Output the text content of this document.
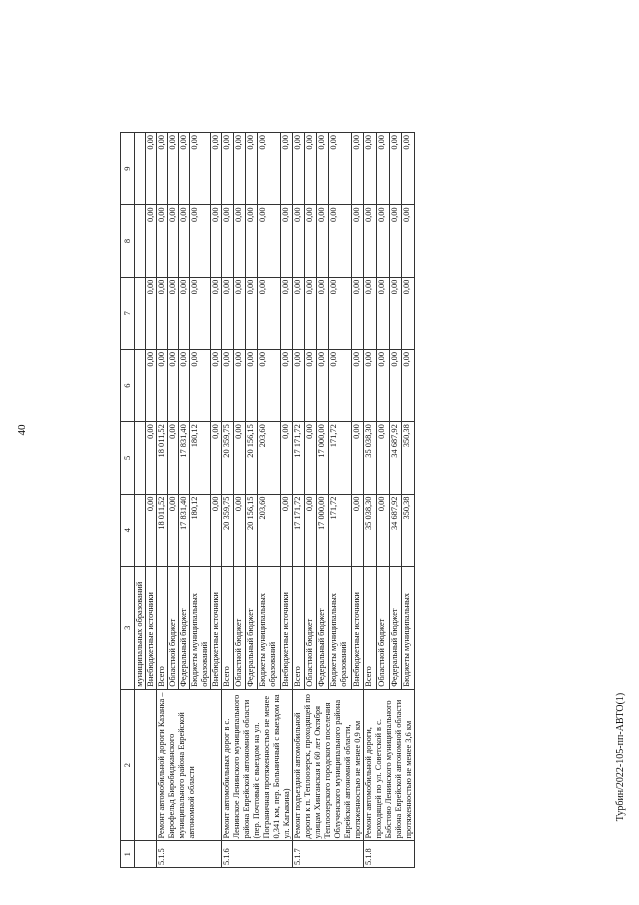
40
1	2	3	4	5	6	7	8	9
		муниципальных образований						
		Внебюджетные источники	0,00	0,00	0,00	0,00	0,00	0,00
5.1.5	Ремонт автомобильной дороги Казанка – Бирофельд Биробиджанского муниципального района Еврейской автономной области	Всего	18 011,52	18 011,52	0,00	0,00	0,00	0,00
		Областной бюджет	0,00	0,00	0,00	0,00	0,00	0,00
		Федеральный бюджет	17 831,40	17 831,40	0,00	0,00	0,00	0,00
		Бюджеты муниципальных образований	180,12	180,12	0,00	0,00	0,00	0,00
		Внебюджетные источники	0,00	0,00	0,00	0,00	0,00	0,00
5.1.6	Ремонт автомобильных дорог в с. Ленинское Ленинского муниципального района Еврейской автономной области (пер. Почтовый с выездом на ул. Пограничная протяженностью не менее 0,341 км, пер. Больничный с выездом на ул. Кагыкина)	Всего	20 359,75	20 359,75	0,00	0,00	0,00	0,00
		Областной бюджет	0,00	0,00	0,00	0,00	0,00	0,00
		Федеральный бюджет	20 156,15	20 156,15	0,00	0,00	0,00	0,00
		Бюджеты муниципальных образований	203,60	203,60	0,00	0,00	0,00	0,00
		Внебюджетные источники	0,00	0,00	0,00	0,00	0,00	0,00
5.1.7	Ремонт подъездной автомобильной дороги к п. Теплоозерск, проходящей по улицам Хинганская и 60 лет Октября Теплоозерского городского поселения Облученского муниципального района Еврейской автономной области, протяженностью не менее 0,9 км	Всего	17 171,72	17 171,72	0,00	0,00	0,00	0,00
		Областной бюджет	0,00	0,00	0,00	0,00	0,00	0,00
		Федеральный бюджет	17 000,00	17 000,00	0,00	0,00	0,00	0,00
		Бюджеты муниципальных образований	171,72	171,72	0,00	0,00	0,00	0,00
		Внебюджетные источники	0,00	0,00	0,00	0,00	0,00	0,00
5.1.8	Ремонт автомобильной дороги, проходящей по ул. Советской в с. Бабстово Ленинского муниципального района Еврейской автономной области протяженностью не менее 3,6 км	Всего	35 038,30	35 038,30	0,00	0,00	0,00	0,00
		Областной бюджет	0,00	0,00	0,00	0,00	0,00	0,00
		Федеральный бюджет	34 687,92	34 687,92	0,00	0,00	0,00	0,00
		Бюджеты муниципальных	350,38	350,38	0,00	0,00	0,00	0,00
Турбин/2022-105-пп-АВТО(1)
